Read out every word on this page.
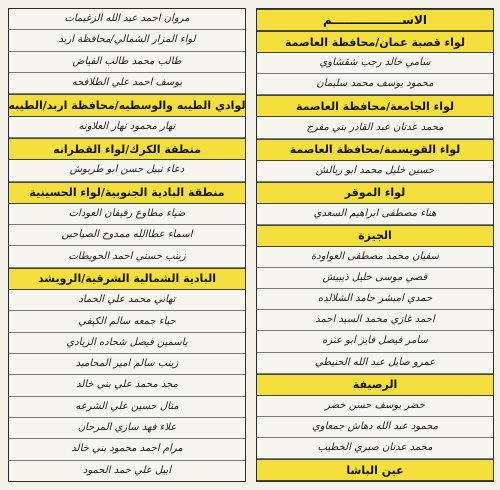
الاســـــــــــــــــم
لواء قصبة عمان/محافظة العاصمة
سامي خالد رجب شقشاوي
محمود يوسف محمد سليمان
لواء الجامعة/محافظة العاصمة
محمد عدنان عبد القادر بني مفرج
لواء القويسمة/محافظة العاصمة
حسين خليل محمد ابو ريالش
لواء الموقر
هناء مصطفى ابراهيم السعدي
الجيزة
سفيان محمد مصطفى العواودة
قصي موسى خليل ذيبيش
حمدي امبشر حامد الشلالده
احمد غازي محمد السيد احمد
سامر فيصل فايز ابو عنزه
عمرو صايل عبد الله الحنيطي
الرصيفة
خضر يوسف حسن خضر
محمود عبد الله دهاش جمعاوي
محمد عدنان صبري الخطيب
عين الباشا
مروان احمد عبد الله الزغيمات
لواء المزار الشمالي/محافظة اربد
طالب محمد طالب الفياض
يوسف احمد علي الطلافحه
لوادي الطيبه والوسطيه/محافظة اربد/الطيبه
نهار محمود نهار العلاونه
منطقة الكرك/لواء القطرانه
دعاء نبيل حسن ابو طربوش
منطقة البادية الجنوبية/لواء الحسينية
ضياء مطاوع رفيفان العودات
اسماء عطاالله ممدوح الصياحين
زينب حسني احمد الحويطات
البادية الشمالية الشرقية/الرويشد
تهاني محمد علي الحماد
حياء جمعه سالم الكيفي
ياسمين فيصل شحاده الزيادي
زينب سالم امير المحاميد
مجد محمد علي بني خالد
منال حسين علي الشرعه
علاء فهد سازي المرحان
مرام احمد محمود بني خالد
ابيل علي حمد الحمود
